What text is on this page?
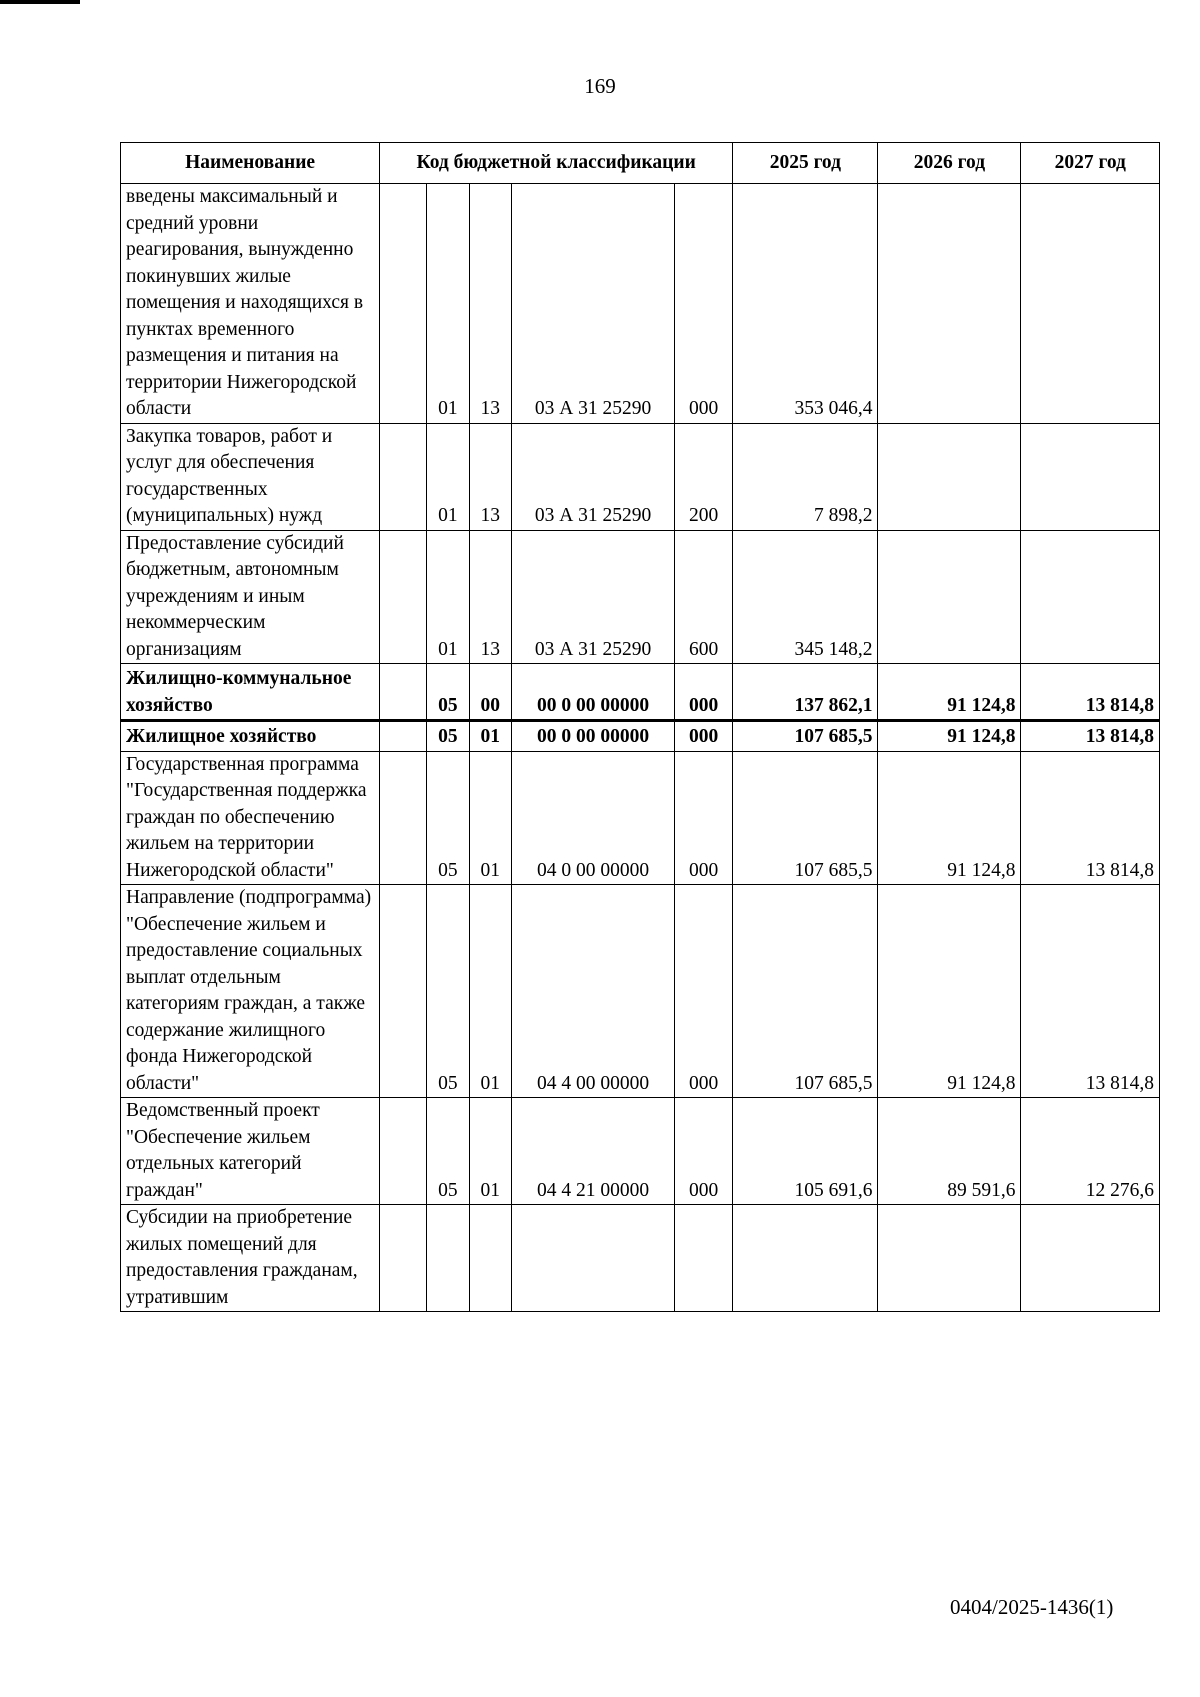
169
Наименование	Код бюджетной классификации					2025 год	2026 год	2027 год
введены максимальный и средний уровни реагирования, вынужденно покинувших жилые помещения и находящихся в пунктах временного размещения и питания на территории Нижегородской области		01	13	03 А 31 25290	000	353 046,4		
Закупка товаров, работ и услуг для обеспечения государственных (муниципальных) нужд		01	13	03 А 31 25290	200	7 898,2		
Предоставление субсидий бюджетным, автономным учреждениям и иным некоммерческим организациям		01	13	03 А 31 25290	600	345 148,2		
Жилищно-коммунальное хозяйство		05	00	00 0 00 00000	000	137 862,1	91 124,8	13 814,8
Жилищное хозяйство		05	01	00 0 00 00000	000	107 685,5	91 124,8	13 814,8
Государственная программа "Государственная поддержка граждан по обеспечению жильем на территории Нижегородской области"		05	01	04 0 00 00000	000	107 685,5	91 124,8	13 814,8
Направление (подпрограмма) "Обеспечение жильем и предоставление социальных выплат отдельным категориям граждан, а также содержание жилищного фонда Нижегородской области"		05	01	04 4 00 00000	000	107 685,5	91 124,8	13 814,8
Ведомственный проект "Обеспечение жильем отдельных категорий граждан"		05	01	04 4 21 00000	000	105 691,6	89 591,6	12 276,6
Субсидии на приобретение жилых помещений для предоставления гражданам, утратившим								
0404/2025-1436(1)
